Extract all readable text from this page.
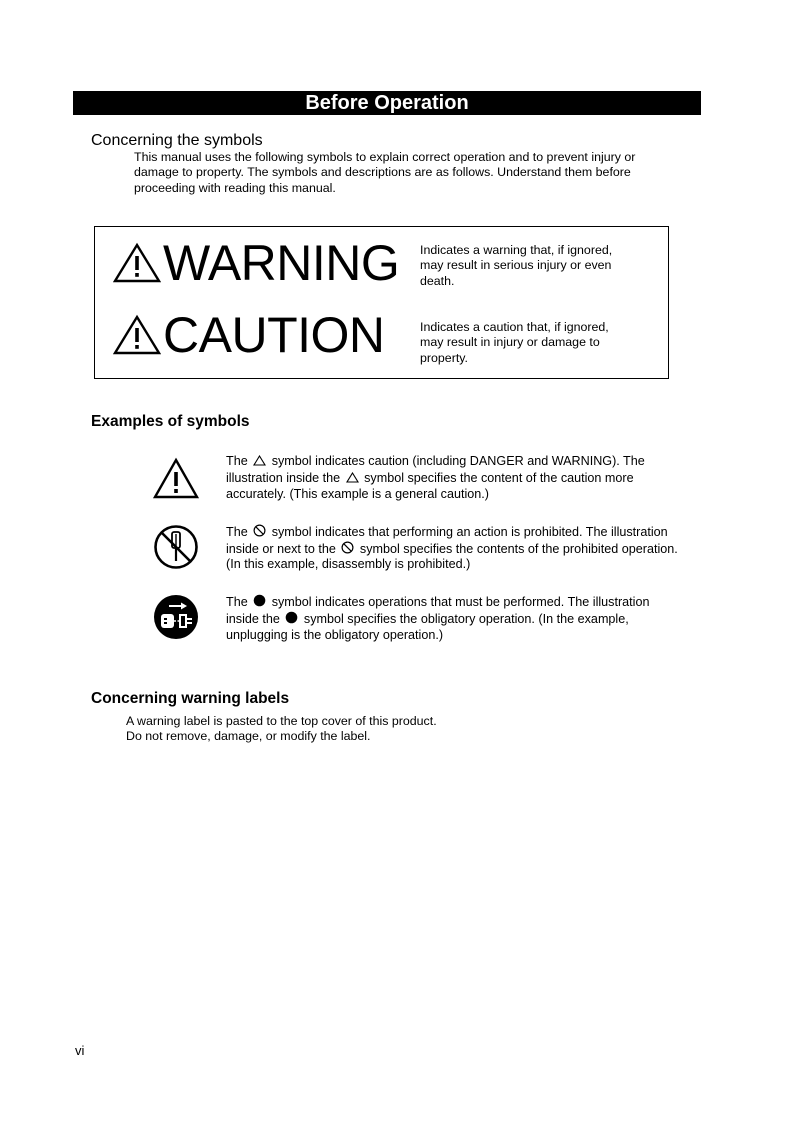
Before Operation
Concerning the symbols
This manual uses the following symbols to explain correct operation and to prevent injury or
damage to property. The symbols and descriptions are as follows. Understand them before
proceeding with reading this manual.
WARNING Indicates a warning that, if ignored,
may result in serious injury or even
death.
CAUTION	Indicates a caution that, if ignored,
may result in injury or damage to
property.
Examples of symbols
The symbol indicates caution (including DANGER and WARNING). The
illustration inside the symbol specifies the content of the caution more
accurately. (This example is a general caution.)
The symbol indicates that performing an action is prohibited. The illustration
inside or next to the symbol specifies the contents of the prohibited operation.
(In this example, disassembly is prohibited.)
The symbol indicates operations that must be performed. The illustration
inside the symbol specifies the obligatory operation. (In the example,
unplugging is the obligatory operation.)
Concerning warning labels
A warning label is pasted to the top cover of this product.
Do not remove, damage, or modify the label.
vi
